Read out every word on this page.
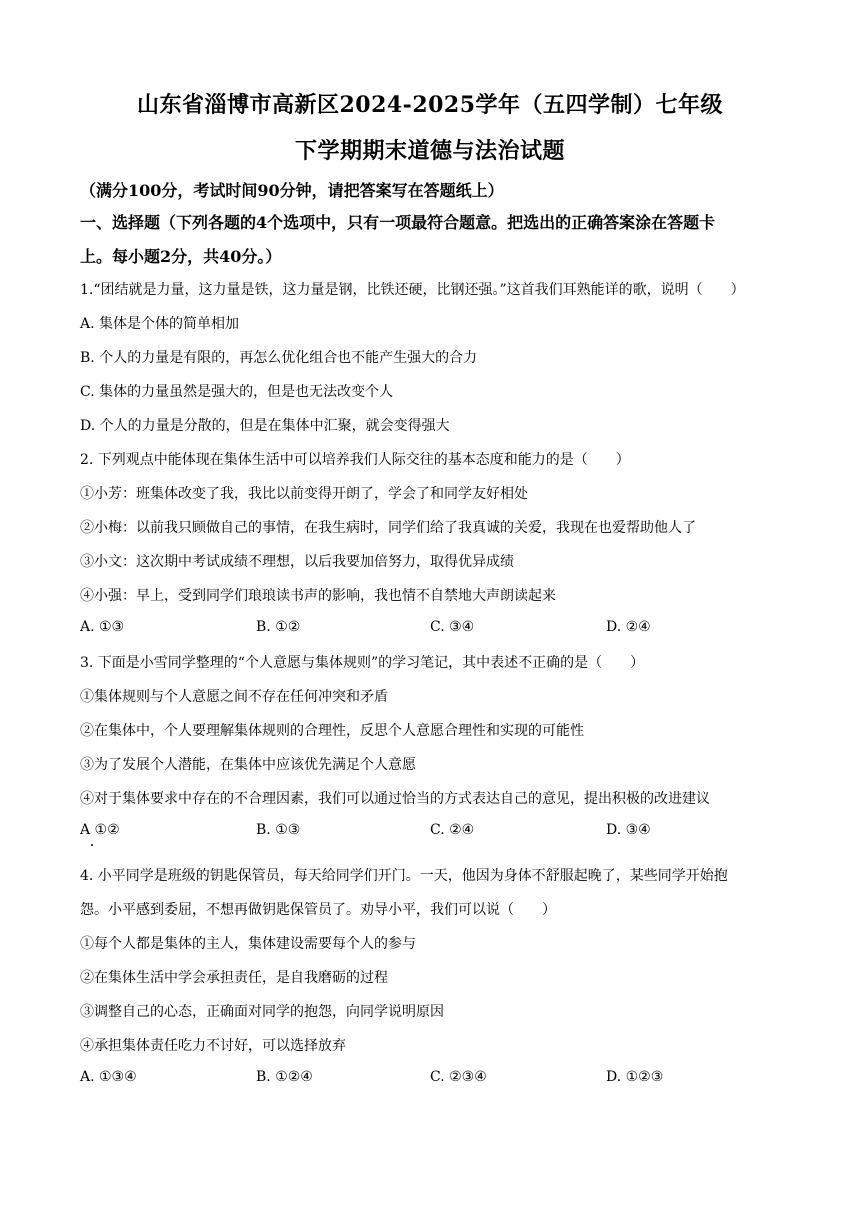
山东省淄博市高新区2024-2025学年（五四学制）七年级
下学期期末道德与法治试题
（满分100分，考试时间90分钟，请把答案写在答题纸上）
一、选择题（下列各题的4个选项中，只有一项最符合题意。把选出的正确答案涂在答题卡
上。每小题2分，共40分。）
1.“团结就是力量，这力量是铁，这力量是钢，比铁还硬，比钢还强。”这首我们耳熟能详的歌，说明（　　）
A. 集体是个体的简单相加
B. 个人的力量是有限的，再怎么优化组合也不能产生强大的合力
C. 集体的力量虽然是强大的，但是也无法改变个人
D. 个人的力量是分散的，但是在集体中汇聚，就会变得强大
2. 下列观点中能体现在集体生活中可以培养我们人际交往的基本态度和能力的是（　　）
①小芳：班集体改变了我，我比以前变得开朗了，学会了和同学友好相处
②小梅：以前我只顾做自己的事情，在我生病时，同学们给了我真诚的关爱，我现在也爱帮助他人了
③小文：这次期中考试成绩不理想，以后我要加倍努力，取得优异成绩
④小强：早上，受到同学们琅琅读书声的影响，我也情不自禁地大声朗读起来
A. ①③	B. ①②	C. ③④	D. ②④
3. 下面是小雪同学整理的“个人意愿与集体规则”的学习笔记，其中表述不正确的是（　　）
①集体规则与个人意愿之间不存在任何冲突和矛盾
②在集体中，个人要理解集体规则的合理性，反思个人意愿合理性和实现的可能性
③为了发展个人潜能，在集体中应该优先满足个人意愿
④对于集体要求中存在的不合理因素，我们可以通过恰当的方式表达自己的意见，提出积极的改进建议
A ①②	B. ①③	C. ②④	D. ③④
4. 小平同学是班级的钥匙保管员，每天给同学们开门。一天，他因为身体不舒服起晚了，某些同学开始抱
怨。小平感到委屈，不想再做钥匙保管员了。劝导小平，我们可以说（　　）
①每个人都是集体的主人，集体建设需要每个人的参与
②在集体生活中学会承担责任，是自我磨砺的过程
③调整自己的心态，正确面对同学的抱怨，向同学说明原因
④承担集体责任吃力不讨好，可以选择放弃
A. ①③④	B. ①②④	C. ②③④	D. ①②③
